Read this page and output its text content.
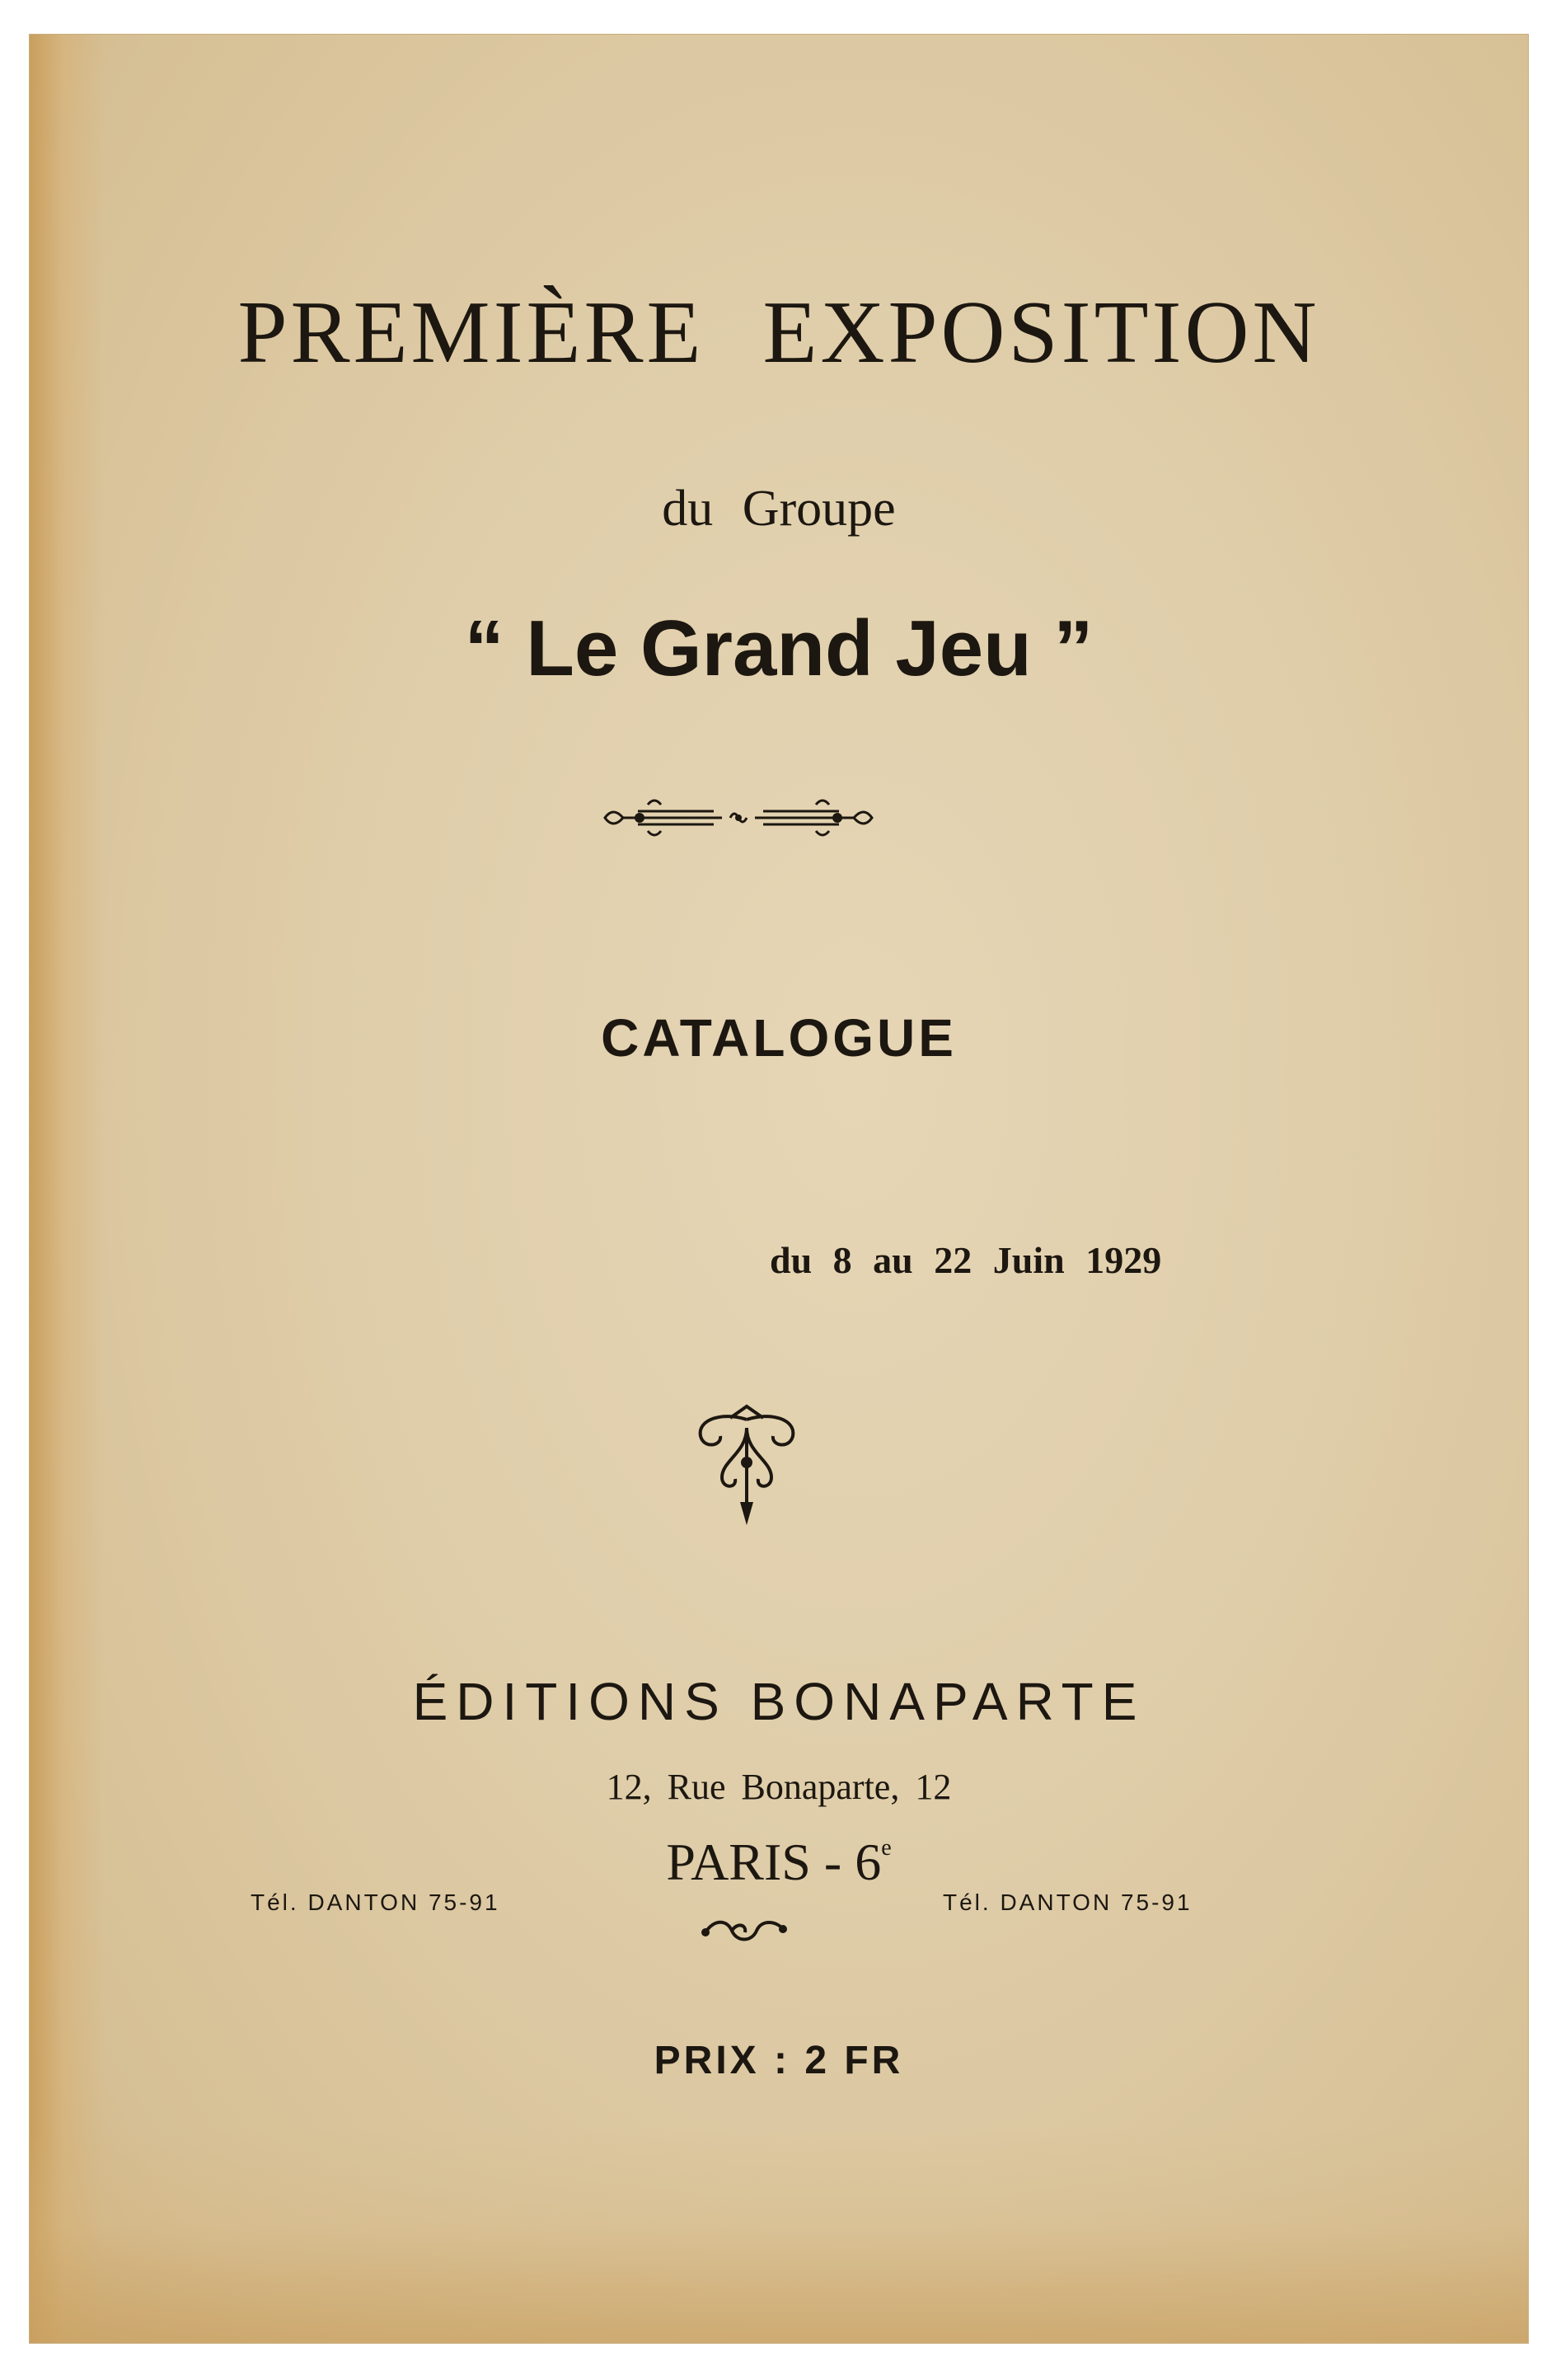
PREMIÈRE EXPOSITION
du Groupe
“ Le Grand Jeu ”
CATALOGUE
du 8 au 22 Juin 1929
ÉDITIONS BONAPARTE
12, Rue Bonaparte, 12
PARIS - 6e
Tél. DANTON 75-91	Tél. DANTON 75-91
PRIX : 2 FR
